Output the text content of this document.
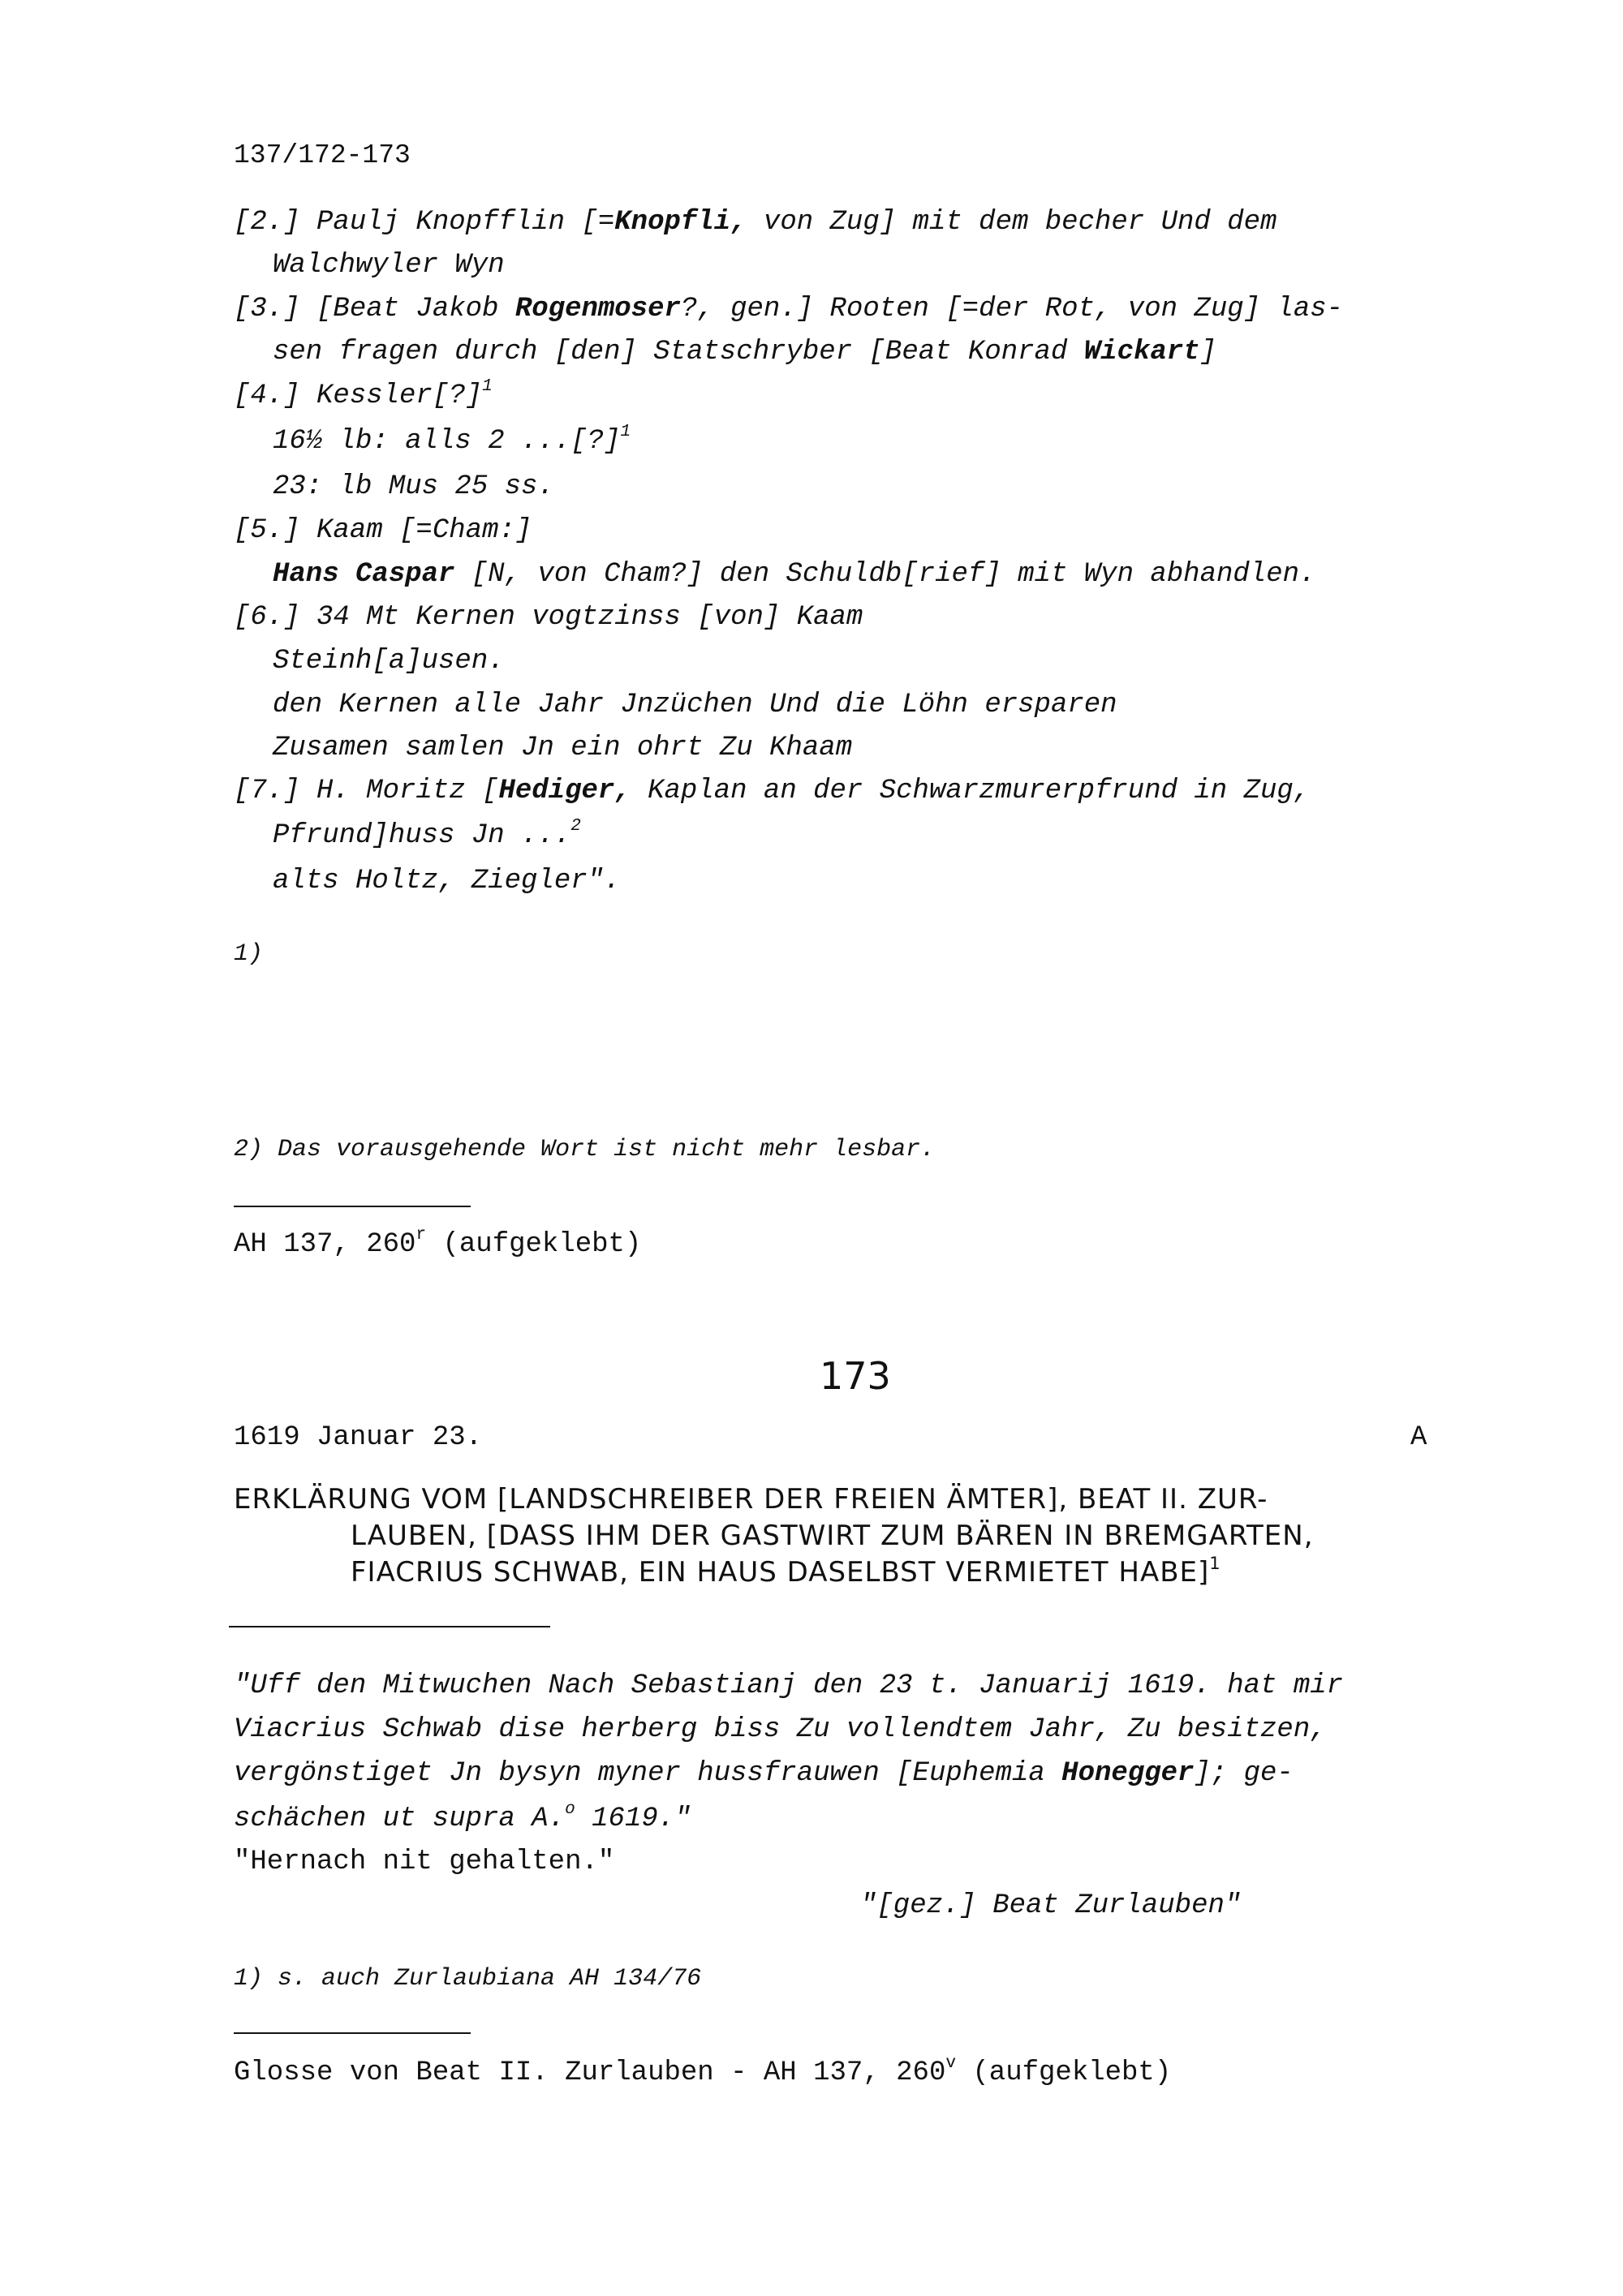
137/172-173
[2.] Paulj Knopfflin [=Knopfli, von Zug] mit dem becher Und dem
Walchwyler Wyn
[3.] [Beat Jakob Rogenmoser?, gen.] Rooten [=der Rot, von Zug] las-
sen fragen durch [den] Statschryber [Beat Konrad Wickart]
[4.] Kessler[?]$^1$
16½ lb: alls 2 ...[?]$^1$
23: lb Mus 25 ss.
[5.] Kaam [=Cham:]
Hans Caspar [N, von Cham?] den Schuldb[rief] mit Wyn abhandlen.
[6.] 34 Mt Kernen vogtzinss [von] Kaam
Steinh[a]usen.
den Kernen alle Jahr Jnzüchen Und die Löhn ersparen
Zusamen samlen Jn ein ohrt Zu Khaam
[7.] H. Moritz [Hediger, Kaplan an der Schwarzmurerpfrund in Zug,
Pfrund]huss Jn ...$^2$
alts Holtz, Ziegler".
1)
2) Das vorausgehende Wort ist nicht mehr lesbar.
AH 137, 260$^r$ (aufgeklebt)
173
1619 Januar 23.	A
ERKLÄRUNG VOM [LANDSCHREIBER DER FREIEN ÄMTER], BEAT II. ZUR-
LAUBEN, [DASS IHM DER GASTWIRT ZUM BÄREN IN BREMGARTEN,
FIACRIUS SCHWAB, EIN HAUS DASELBST VERMIETET HABE]$^1$
"Uff den Mitwuchen Nach Sebastianj den 23 t. Januarij 1619. hat mir
Viacrius Schwab dise herberg biss Zu vollendtem Jahr, Zu besitzen,
vergönstiget Jn bysyn myner hussfrauwen [Euphemia Honegger]; ge-
schächen ut supra A.$^o$ 1619."
"Hernach nit gehalten."
"[gez.] Beat Zurlauben"
1) s. auch Zurlaubiana AH 134/76
Glosse von Beat II. Zurlauben - AH 137, 260$^v$ (aufgeklebt)
